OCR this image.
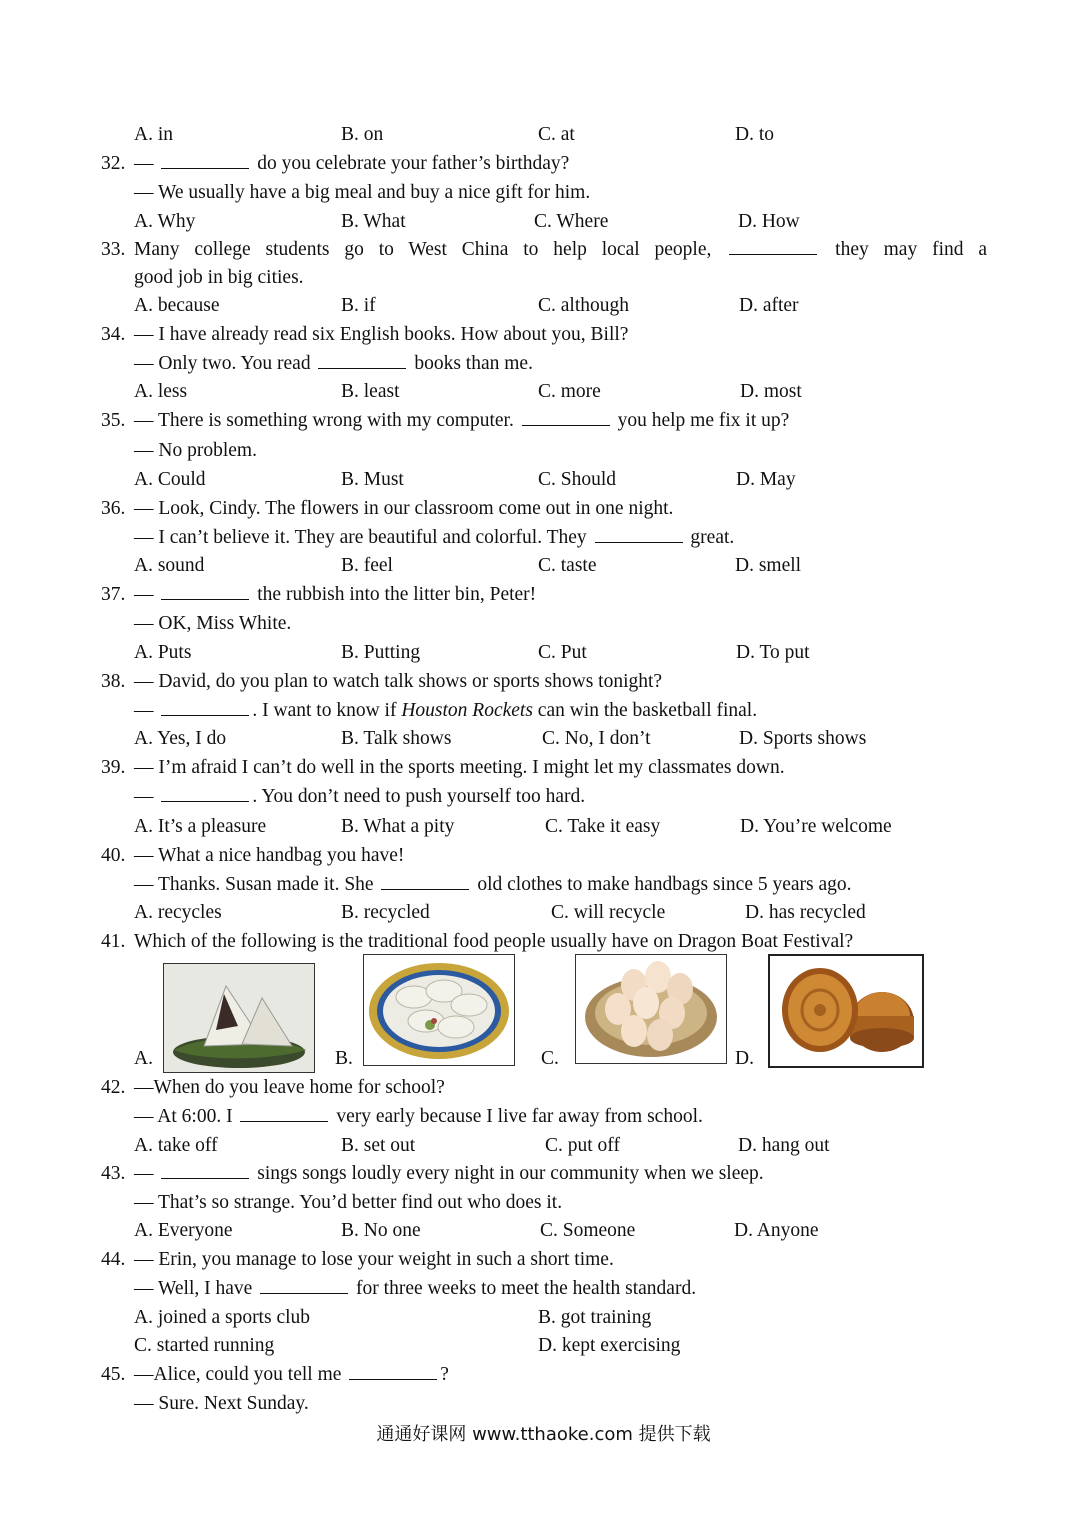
A. in	B. on	C. at	D. to
32. —	do you celebrate your father’s birthday?
— We usually have a big meal and buy a nice gift for him.
A. Why	B. What	C. Where	D. How
33. Many college students go to West China to help local people,	they may find a
good job in big cities.
A. because	B. if	C. although	D. after
34. — I have already read six English books. How about you, Bill?
— Only two. You read	books than me.
A. less	B. least	C. more	D. most
35. — There is something wrong with my computer.	you help me fix it up?
— No problem.
A. Could	B. Must	C. Should	D. May
36. — Look, Cindy. The flowers in our classroom come out in one night.
— I can’t believe it. They are beautiful and colorful. They	great.
A. sound	B. feel	C. taste	D. smell
37. —	the rubbish into the litter bin, Peter!
— OK, Miss White.
A. Puts	B. Putting	C. Put	D. To put
38. — David, do you plan to watch talk shows or sports shows tonight?
—	. I want to know if Houston Rockets can win the basketball final.
A. Yes, I do	B. Talk shows	C. No, I don’t	D. Sports shows
39. — I’m afraid I can’t do well in the sports meeting. I might let my classmates down.
—	. You don’t need to push yourself too hard.
A. It’s a pleasure	B. What a pity	C. Take it easy	D. You’re welcome
40. — What a nice handbag you have!
— Thanks. Susan made it. She	old clothes to make handbags since 5 years ago.
A. recycles	B. recycled	C. will recycle	D. has recycled
41. Which of the following is the traditional food people usually have on Dragon Boat Festival?
A.	B.	C.	D.
42. —When do you leave home for school?
— At 6:00. I	very early because I live far away from school.
A. take off	B. set out	C. put off	D. hang out
43. —	sings songs loudly every night in our community when we sleep.
— That’s so strange. You’d better find out who does it.
A. Everyone	B. No one	C. Someone	D. Anyone
44. — Erin, you manage to lose your weight in such a short time.
— Well, I have	for three weeks to meet the health standard.
A. joined a sports club	B. got training
C. started running	D. kept exercising
45. —Alice, could you tell me	?
— Sure. Next Sunday.
通通好课网 www.tthaoke.com 提供下载
